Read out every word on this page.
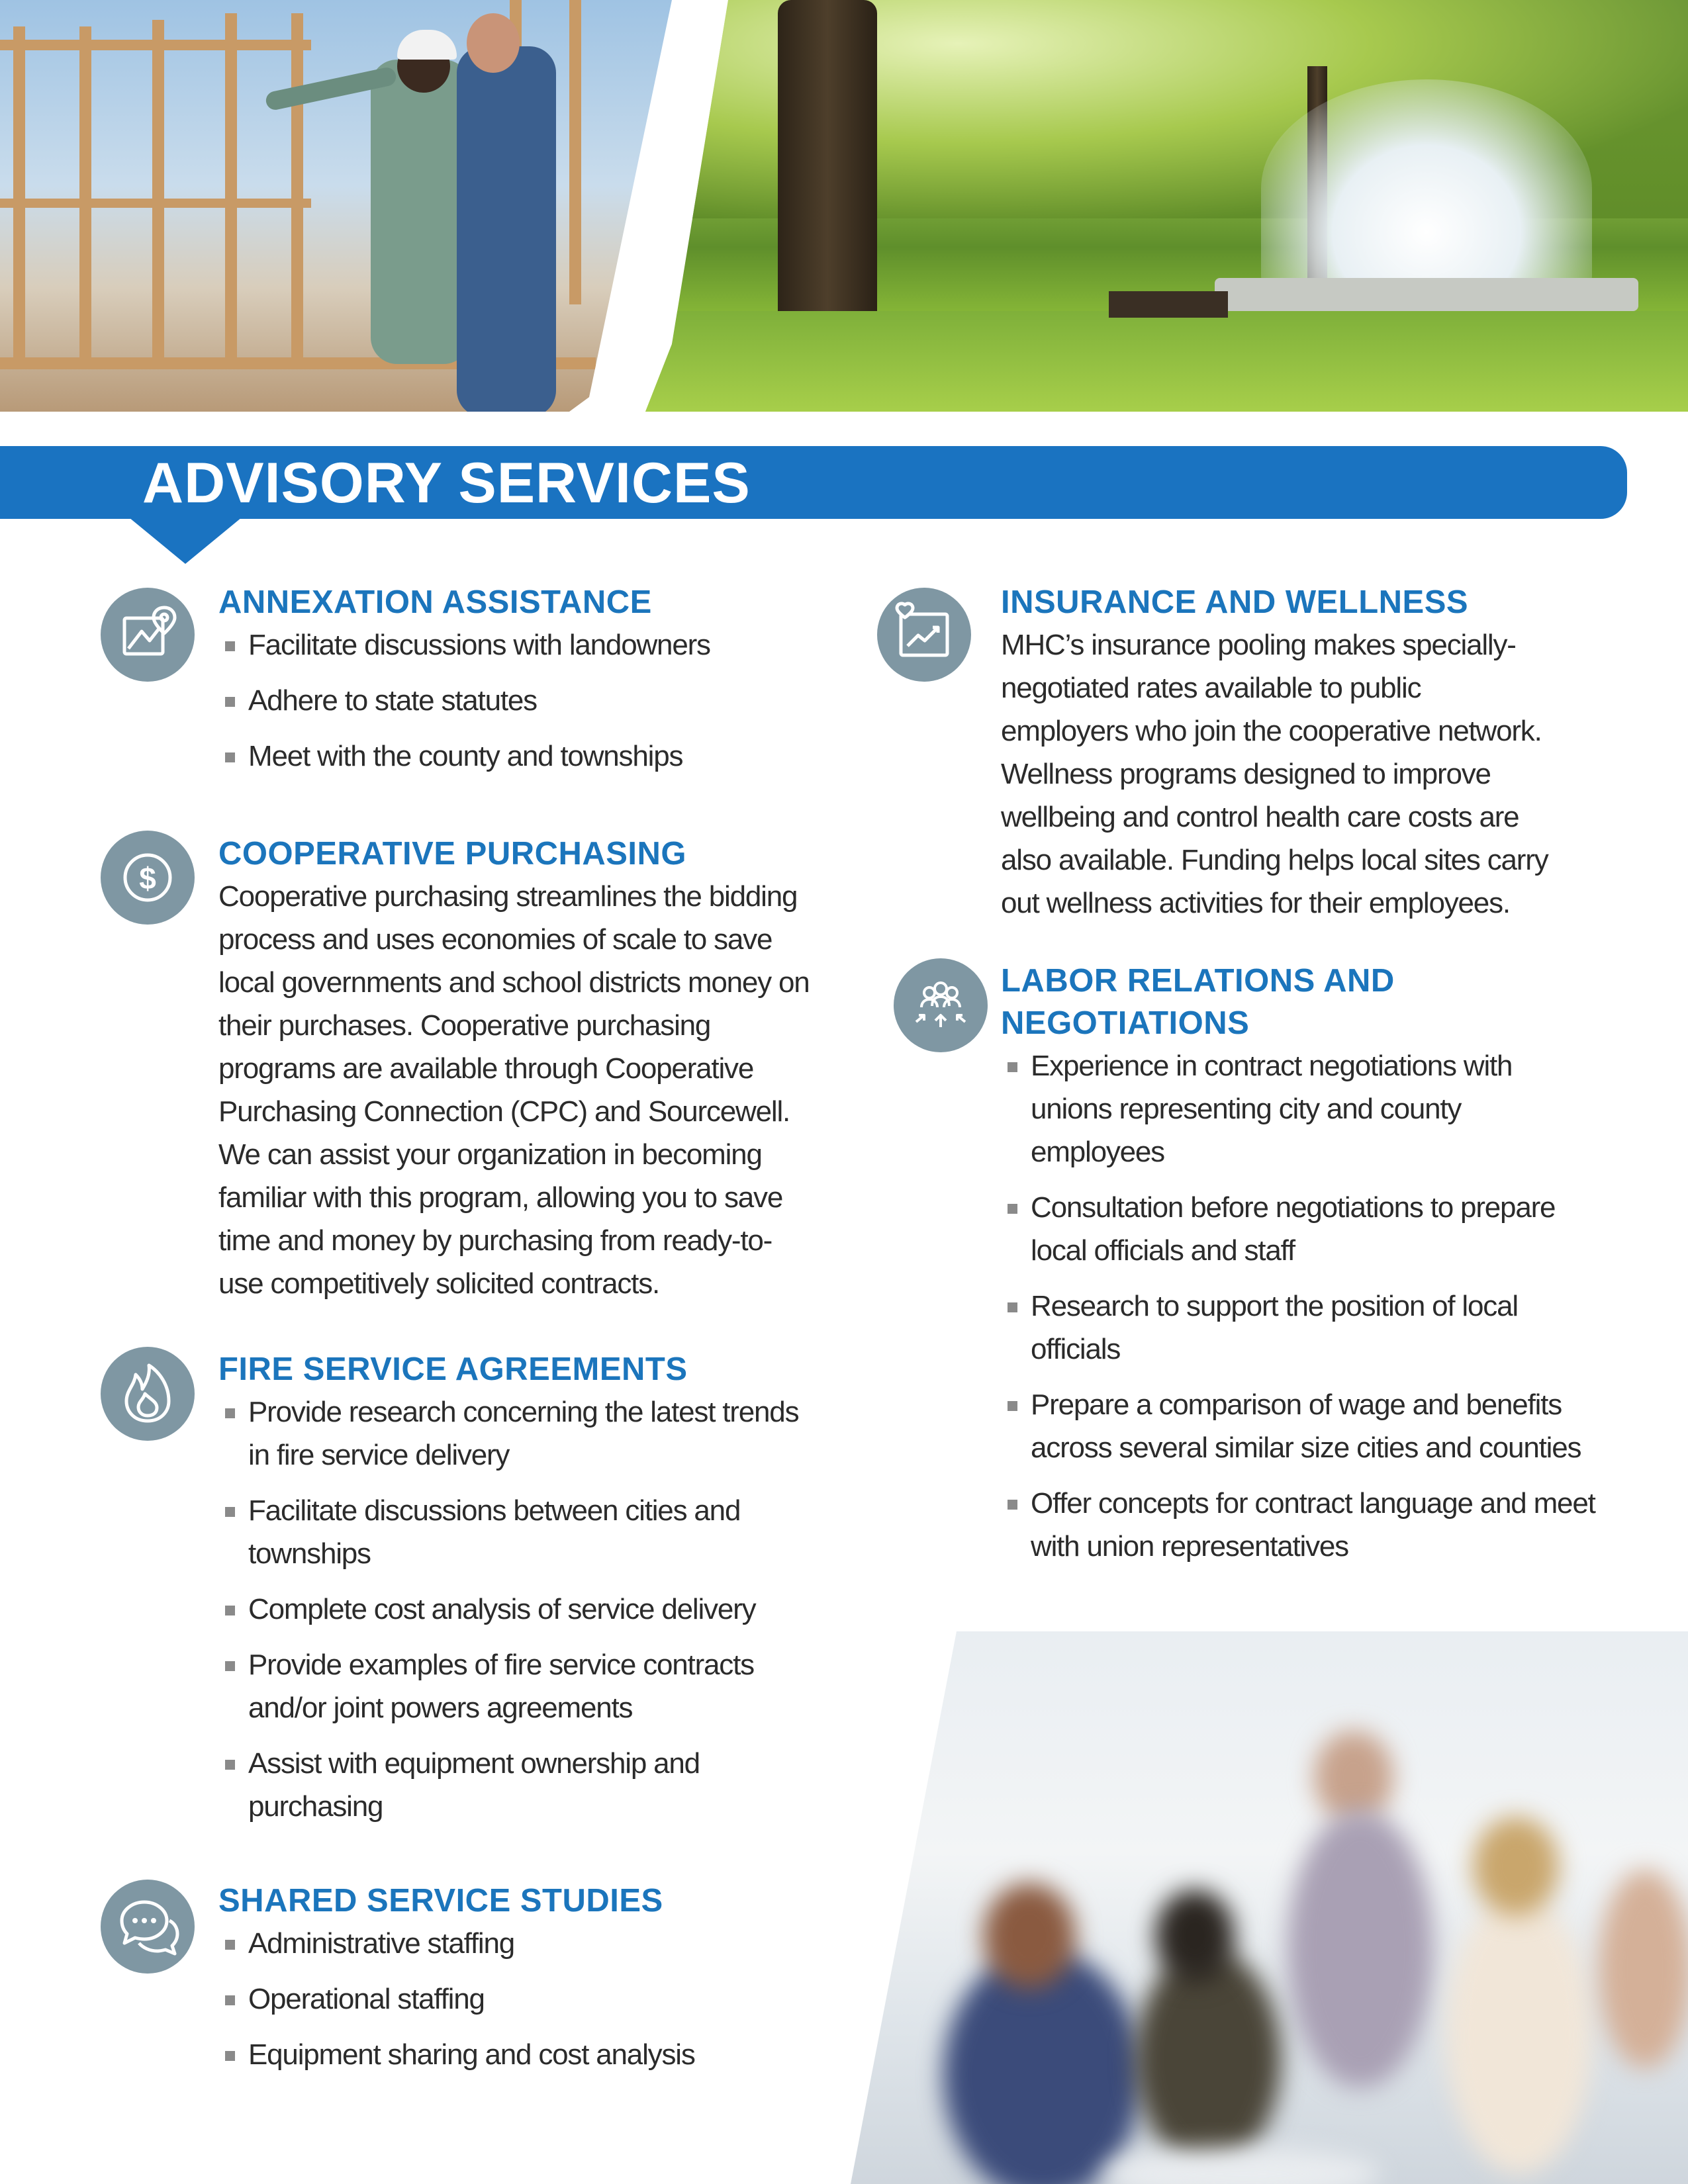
ADVISORY SERVICES
ANNEXATION ASSISTANCE
Facilitate discussions with landowners
Adhere to state statutes
Meet with the county and townships
$
COOPERATIVE PURCHASING

Cooperative purchasing streamlines the bidding process and uses economies of scale to save local governments and school districts money on their purchases. Cooperative purchasing programs are available through Cooperative Purchasing Connection (CPC) and Sourcewell. We can assist your organization in becoming familiar with this program, allowing you to save time and money by purchasing from ready-to-use competitively solicited contracts.

FIRE SERVICE AGREEMENTS
Provide research concerning the latest trends in fire service delivery
Facilitate discussions between cities and townships
Complete cost analysis of service delivery
Provide examples of fire service contracts and/or joint powers agreements
Assist with equipment ownership and purchasing
SHARED SERVICE STUDIES
Administrative staffing
Operational staffing
Equipment sharing and cost analysis
INSURANCE AND WELLNESS

MHC’s insurance pooling makes specially-negotiated rates available to public employers who join the cooperative network. Wellness programs designed to improve wellbeing and control health care costs are also available. Funding helps local sites carry out wellness activities for their employees.

LABOR RELATIONS AND NEGOTIATIONS
Experience in contract negotiations with unions representing city and county employees
Consultation before negotiations to prepare local officials and staff
Research to support the position of local officials
Prepare a comparison of wage and benefits across several similar size cities and counties
Offer concepts for contract language and meet with union representatives
